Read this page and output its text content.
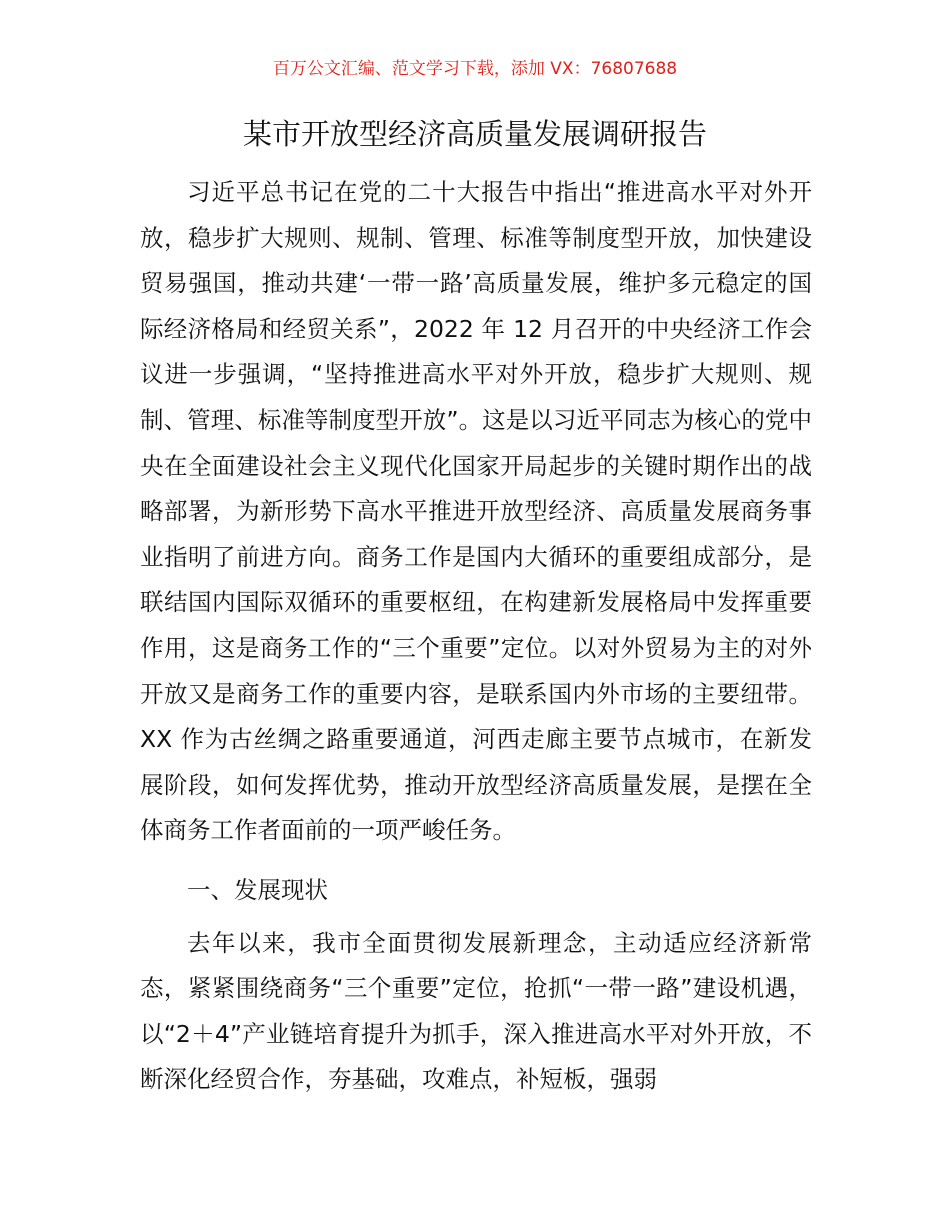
百万公文汇编、范文学习下载，添加 VX：76807688
某市开放型经济高质量发展调研报告

习近平总书记在党的二十大报告中指出“推进高水平对外开放，稳步扩大规则、规制、管理、标准等制度型开放，加快建设贸易强国，推动共建‘一带一路’高质量发展，维护多元稳定的国际经济格局和经贸关系”，2022 年 12 月召开的中央经济工作会议进一步强调，“坚持推进高水平对外开放，稳步扩大规则、规制、管理、标准等制度型开放”。这是以习近平同志为核心的党中央在全面建设社会主义现代化国家开局起步的关键时期作出的战略部署，为新形势下高水平推进开放型经济、高质量发展商务事业指明了前进方向。商务工作是国内大循环的重要组成部分，是联结国内国际双循环的重要枢纽，在构建新发展格局中发挥重要作用，这是商务工作的“三个重要”定位。以对外贸易为主的对外开放又是商务工作的重要内容，是联系国内外市场的主要纽带。XX 作为古丝绸之路重要通道，河西走廊主要节点城市，在新发展阶段，如何发挥优势，推动开放型经济高质量发展，是摆在全体商务工作者面前的一项严峻任务。

一、发展现状

去年以来，我市全面贯彻发展新理念，主动适应经济新常态，紧紧围绕商务“三个重要”定位，抢抓“一带一路”建设机遇，以“2＋4”产业链培育提升为抓手，深入推进高水平对外开放，不断深化经贸合作，夯基础，攻难点，补短板，强弱
